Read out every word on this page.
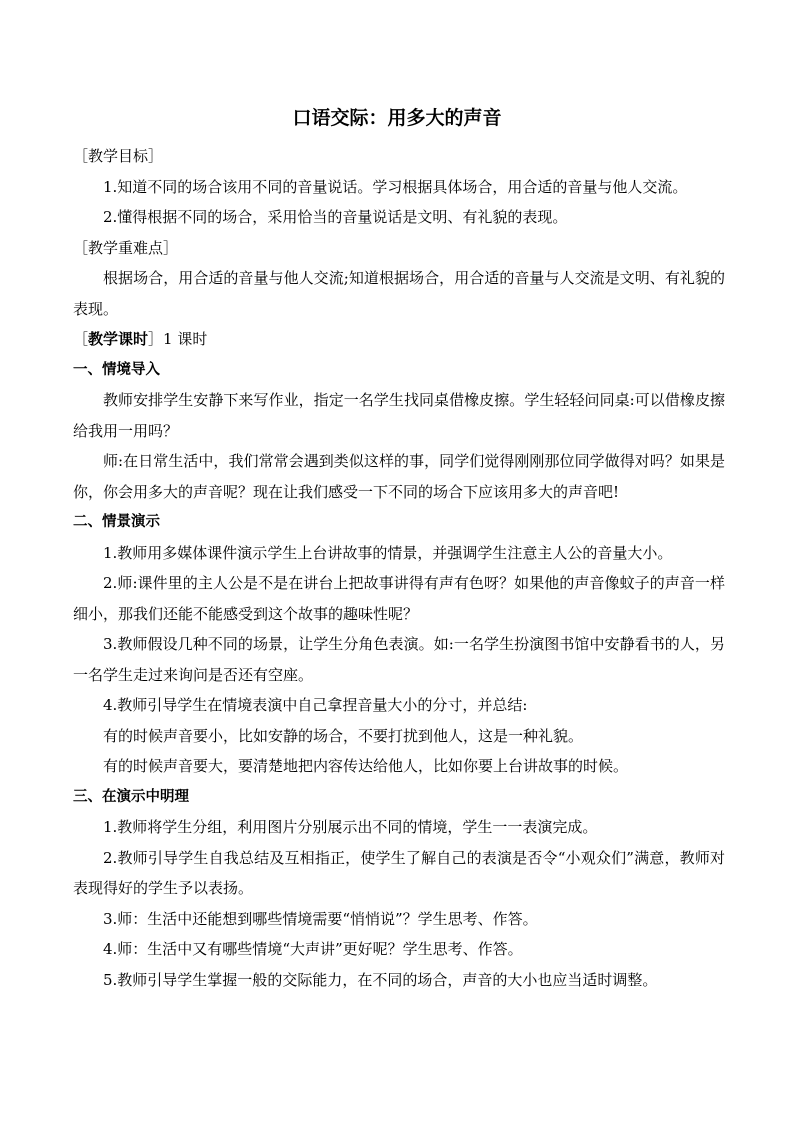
口语交际：用多大的声音

［教学目标］

1.知道不同的场合该用不同的音量说话。学习根据具体场合，用合适的音量与他人交流。

2.懂得根据不同的场合，采用恰当的音量说话是文明、有礼貌的表现。

［教学重难点］

根据场合，用合适的音量与他人交流;知道根据场合，用合适的音量与人交流是文明、有礼貌的表现。

［教学课时］1 课时

一、情境导入

教师安排学生安静下来写作业，指定一名学生找同桌借橡皮擦。学生轻轻问同桌:可以借橡皮擦给我用一用吗？

师:在日常生活中，我们常常会遇到类似这样的事，同学们觉得刚刚那位同学做得对吗？如果是你，你会用多大的声音呢？现在让我们感受一下不同的场合下应该用多大的声音吧!

二、情景演示

1.教师用多媒体课件演示学生上台讲故事的情景，并强调学生注意主人公的音量大小。

2.师:课件里的主人公是不是在讲台上把故事讲得有声有色呀？如果他的声音像蚊子的声音一样细小，那我们还能不能感受到这个故事的趣味性呢？

3.教师假设几种不同的场景，让学生分角色表演。如:一名学生扮演图书馆中安静看书的人，另一名学生走过来询问是否还有空座。

4.教师引导学生在情境表演中自己拿捏音量大小的分寸，并总结:

有的时候声音要小，比如安静的场合，不要打扰到他人，这是一种礼貌。

有的时候声音要大，要清楚地把内容传达给他人，比如你要上台讲故事的时候。

三、在演示中明理

1.教师将学生分组，利用图片分别展示出不同的情境，学生一一表演完成。

2.教师引导学生自我总结及互相指正，使学生了解自己的表演是否令“小观众们”满意，教师对表现得好的学生予以表扬。

3.师：生活中还能想到哪些情境需要“悄悄说”？学生思考、作答。

4.师：生活中又有哪些情境“大声讲”更好呢？学生思考、作答。

5.教师引导学生掌握一般的交际能力，在不同的场合，声音的大小也应当适时调整。
